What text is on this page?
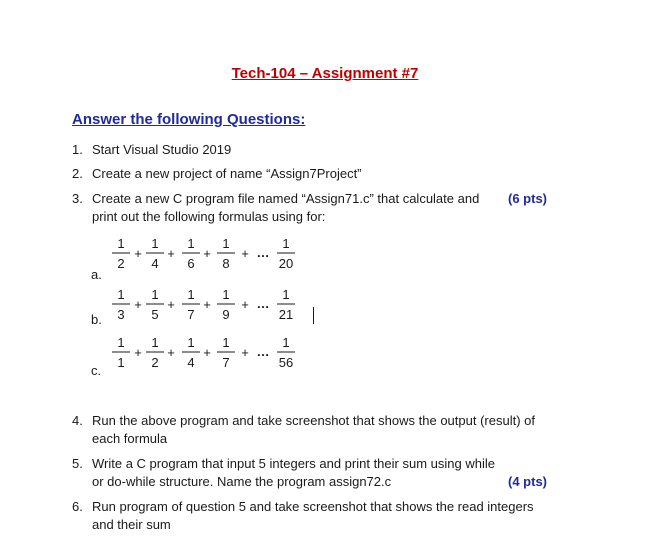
Tech-104 – Assignment #7
Answer the following Questions:
1. Start Visual Studio 2019
2. Create a new project of name “Assign7Project”
3.	(6 pts)
Create a new C program file named “Assign71.c” that calculate and print out the following formulas using for:
a.
1
2
1
4
1
6
1
8
1
20
+ + + + …
b.
1
3
1
5
1
7
1
9
1
21
+ + + + …
c.
1
1
1
2
1
4
1
7
1
56
+ + + + …
4. Run the above program and take screenshot that shows the output (result) of each formula
5.
(4 pts)
Write a C program that input 5 integers and print their sum using while or do-while structure. Name the program assign72.c
6. Run program of question 5 and take screenshot that shows the read integers and their sum
